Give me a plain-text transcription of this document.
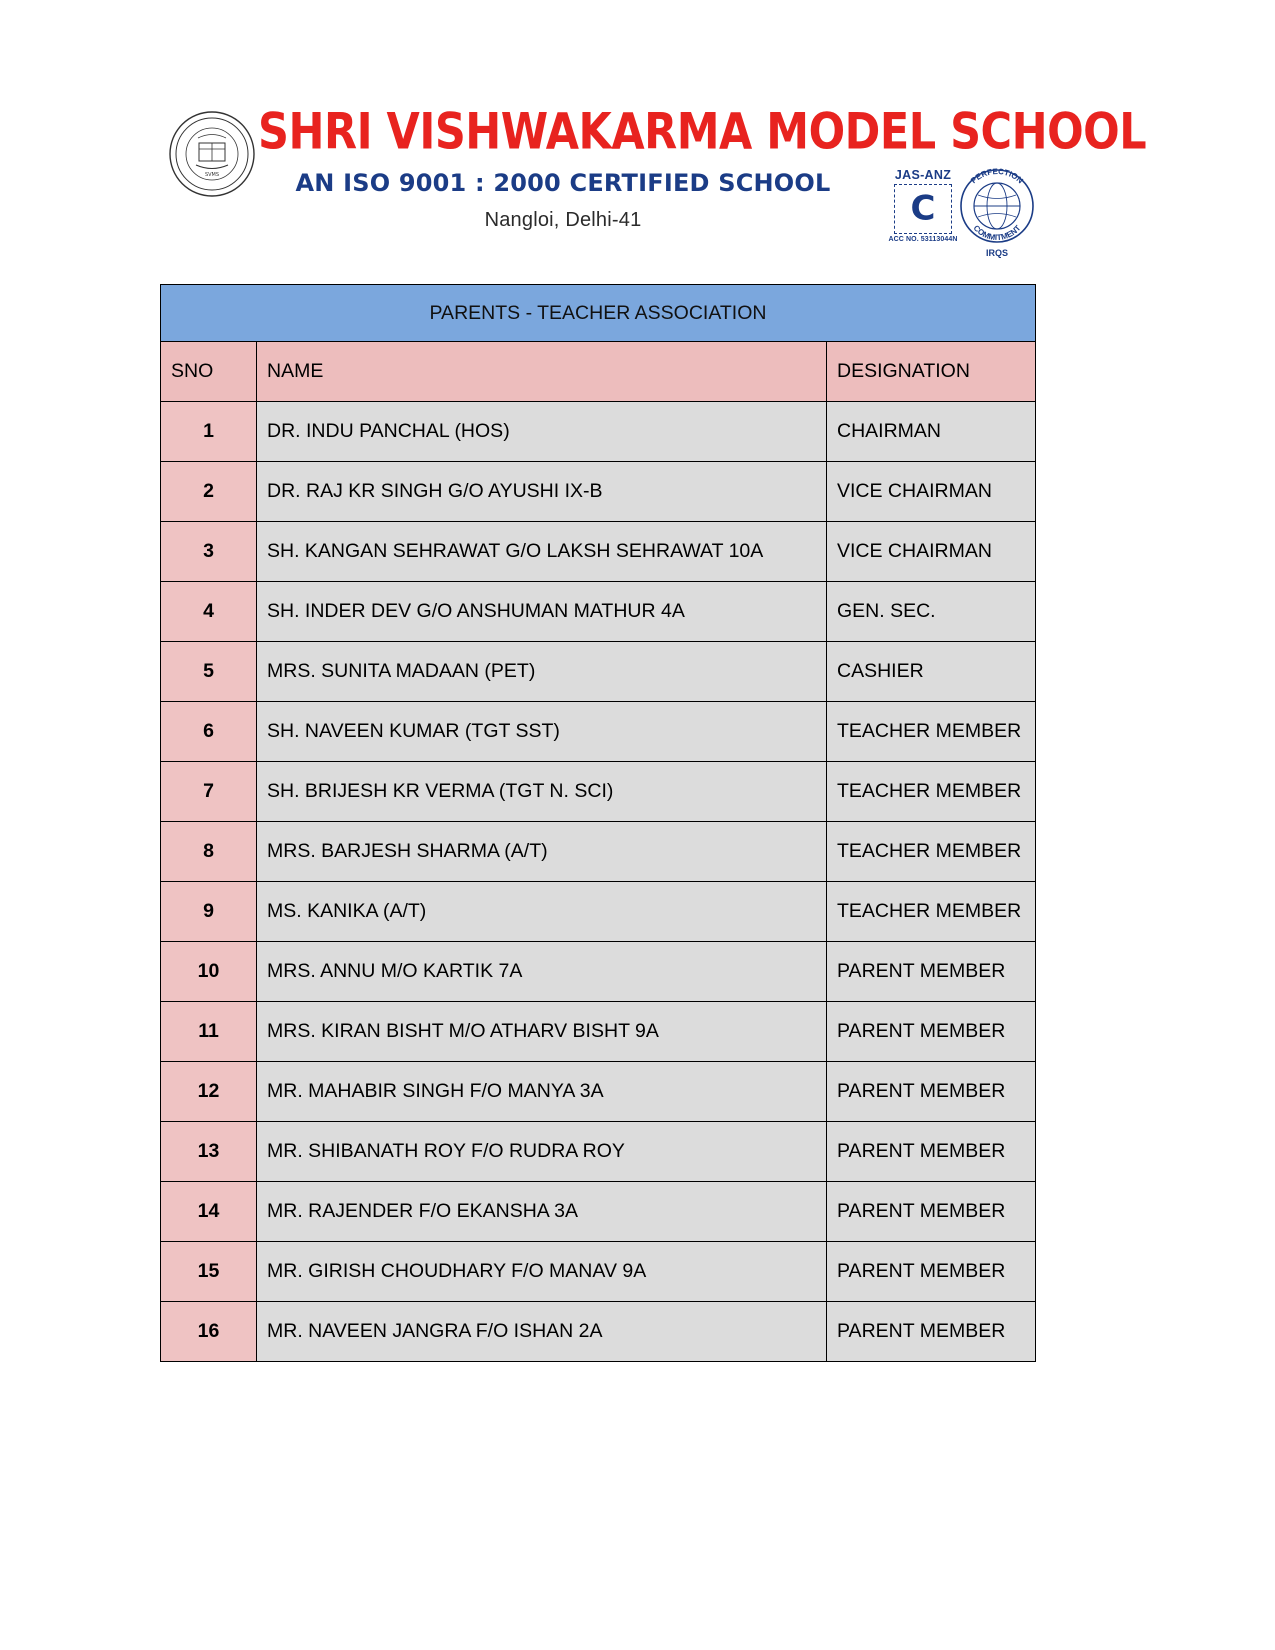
SVMS
SHRI VISHWAKARMA MODEL SCHOOL
AN ISO 9001 : 2000 CERTIFIED SCHOOL
Nangloi, Delhi-41
JAS-ANZ
C
ACC NO. 53113044N
PERFECTION
COMMITMENT
IRQS
PARENTS - TEACHER ASSOCIATION		
SNO	NAME	DESIGNATION
1	DR. INDU PANCHAL (HOS)	CHAIRMAN
2	DR. RAJ KR SINGH G/O AYUSHI IX-B	VICE CHAIRMAN
3	SH. KANGAN SEHRAWAT G/O LAKSH SEHRAWAT 10A	VICE CHAIRMAN
4	SH. INDER DEV G/O ANSHUMAN MATHUR 4A	GEN. SEC.
5	MRS. SUNITA MADAAN (PET)	CASHIER
6	SH. NAVEEN KUMAR (TGT SST)	TEACHER MEMBER
7	SH. BRIJESH KR VERMA (TGT N. SCI)	TEACHER MEMBER
8	MRS. BARJESH SHARMA (A/T)	TEACHER MEMBER
9	MS. KANIKA (A/T)	TEACHER MEMBER
10	MRS. ANNU M/O KARTIK 7A	PARENT MEMBER
11	MRS. KIRAN BISHT M/O ATHARV BISHT 9A	PARENT MEMBER
12	MR. MAHABIR SINGH F/O MANYA 3A	PARENT MEMBER
13	MR. SHIBANATH ROY F/O RUDRA ROY	PARENT MEMBER
14	MR. RAJENDER F/O EKANSHA 3A	PARENT MEMBER
15	MR. GIRISH CHOUDHARY F/O MANAV 9A	PARENT MEMBER
16	MR. NAVEEN JANGRA F/O ISHAN 2A	PARENT MEMBER
